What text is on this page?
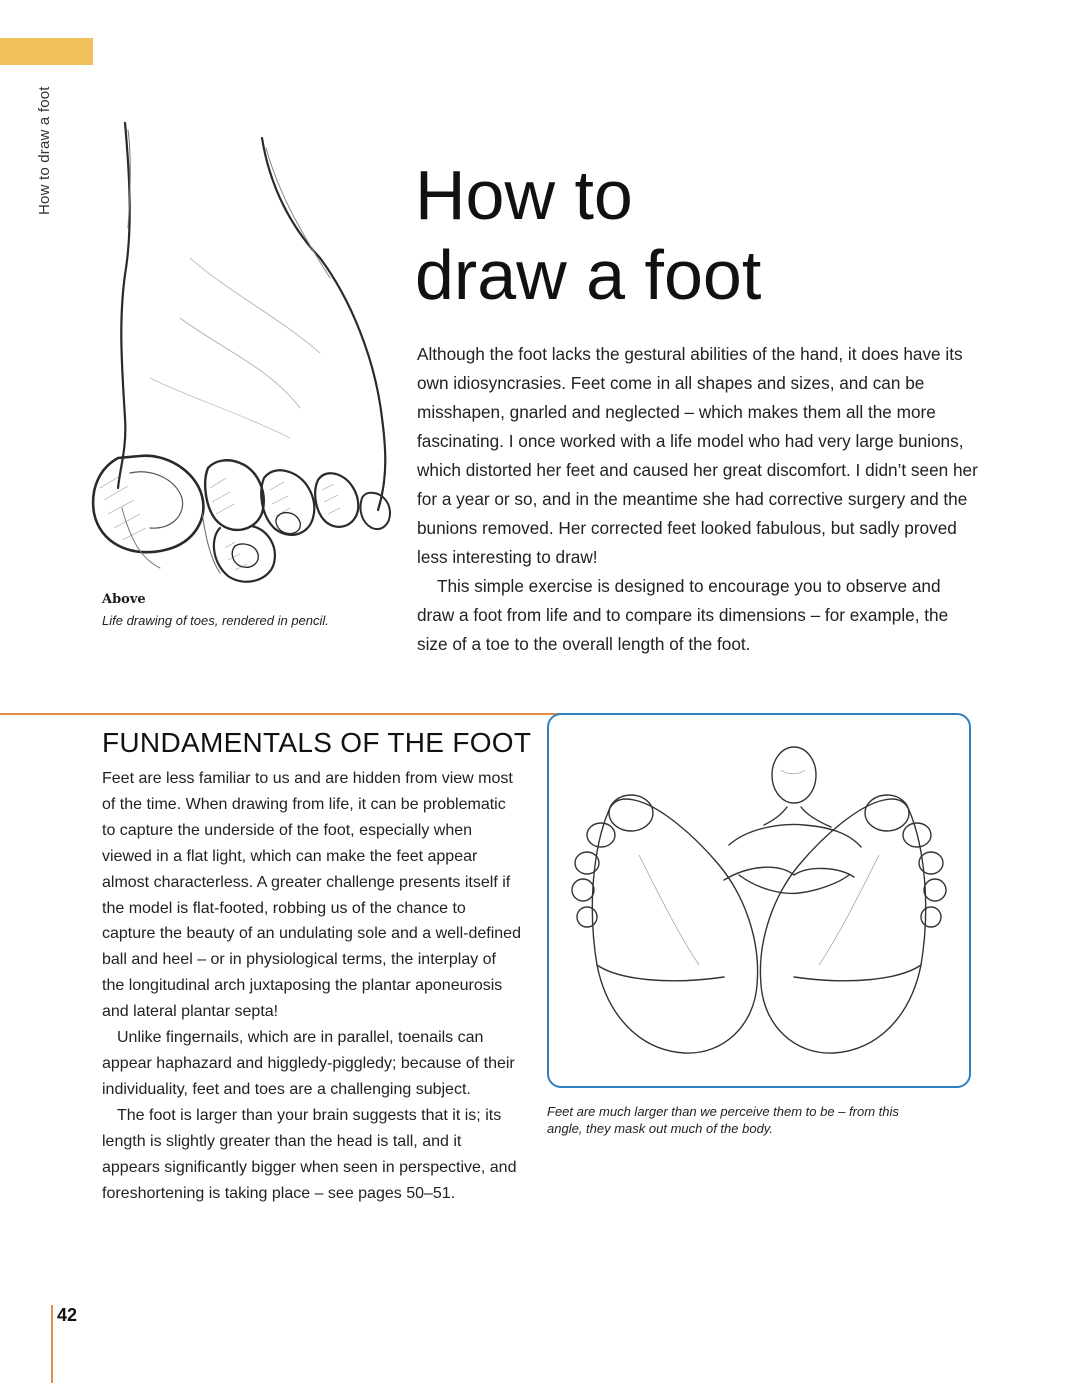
How to draw a foot
Above
Life drawing of toes, rendered in pencil.
How to
draw a foot

Although the foot lacks the gestural abilities of the hand, it does have its own idiosyncrasies. Feet come in all shapes and sizes, and can be misshapen, gnarled and neglected – which makes them all the more fascinating. I once worked with a life model who had very large bunions, which distorted her feet and caused her great discomfort. I didn’t seen her for a year or so, and in the meantime she had corrective surgery and the bunions removed. Her corrected feet looked fabulous, but sadly proved less interesting to draw!

This simple exercise is designed to encourage you to observe and draw a foot from life and to compare its dimensions – for example, the size of a toe to the overall length of the foot.

FUNDAMENTALS OF THE FOOT

Feet are less familiar to us and are hidden from view most of the time. When drawing from life, it can be problematic to capture the underside of the foot, especially when viewed in a flat light, which can make the feet appear almost characterless. A greater challenge presents itself if the model is flat-footed, robbing us of the chance to capture the beauty of an undulating sole and a well-defined ball and heel – or in physiological terms, the interplay of the longitudinal arch juxtaposing the plantar aponeurosis and lateral plantar septa!

Unlike fingernails, which are in parallel, toenails can appear haphazard and higgledy-piggledy; because of their individuality, feet and toes are a challenging subject.

The foot is larger than your brain suggests that it is; its length is slightly greater than the head is tall, and it appears significantly bigger when seen in perspective, and foreshortening is taking place – see pages 50–51.

Feet are much larger than we perceive them to be – from this angle, they mask out much of the body.
42
